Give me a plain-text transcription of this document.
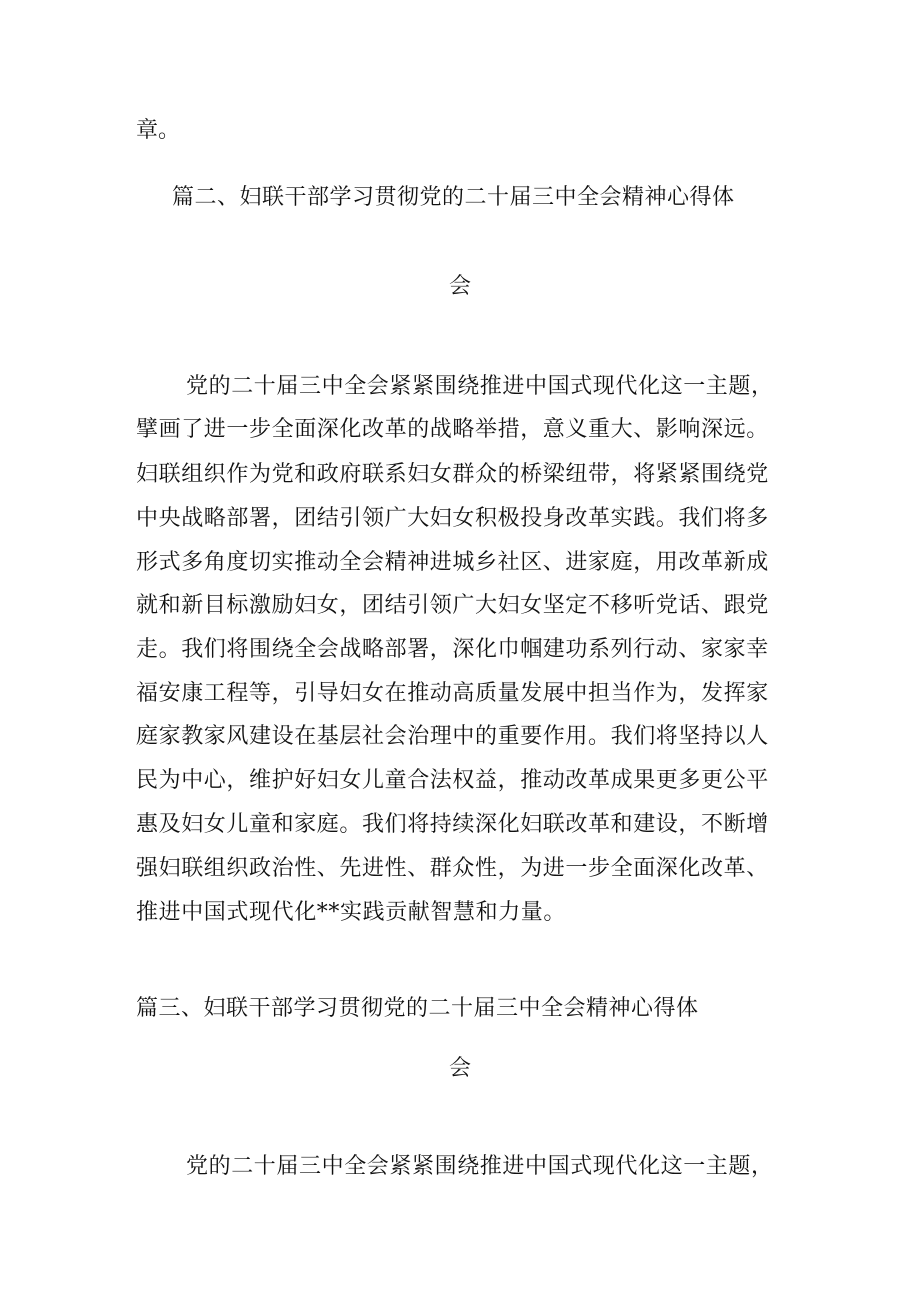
章。
篇二、妇联干部学习贯彻党的二十届三中全会精神心得体
会
党的二十届三中全会紧紧围绕推进中国式现代化这一主题，
擘画了进一步全面深化改革的战略举措，意义重大、影响深远。
妇联组织作为党和政府联系妇女群众的桥梁纽带，将紧紧围绕党
中央战略部署，团结引领广大妇女积极投身改革实践。我们将多
形式多角度切实推动全会精神进城乡社区、进家庭，用改革新成
就和新目标激励妇女，团结引领广大妇女坚定不移听党话、跟党
走。我们将围绕全会战略部署，深化巾帼建功系列行动、家家幸
福安康工程等，引导妇女在推动高质量发展中担当作为，发挥家
庭家教家风建设在基层社会治理中的重要作用。我们将坚持以人
民为中心，维护好妇女儿童合法权益，推动改革成果更多更公平
惠及妇女儿童和家庭。我们将持续深化妇联改革和建设，不断增
强妇联组织政治性、先进性、群众性，为进一步全面深化改革、
推进中国式现代化**实践贡献智慧和力量。
篇三、妇联干部学习贯彻党的二十届三中全会精神心得体
会
党的二十届三中全会紧紧围绕推进中国式现代化这一主题，
